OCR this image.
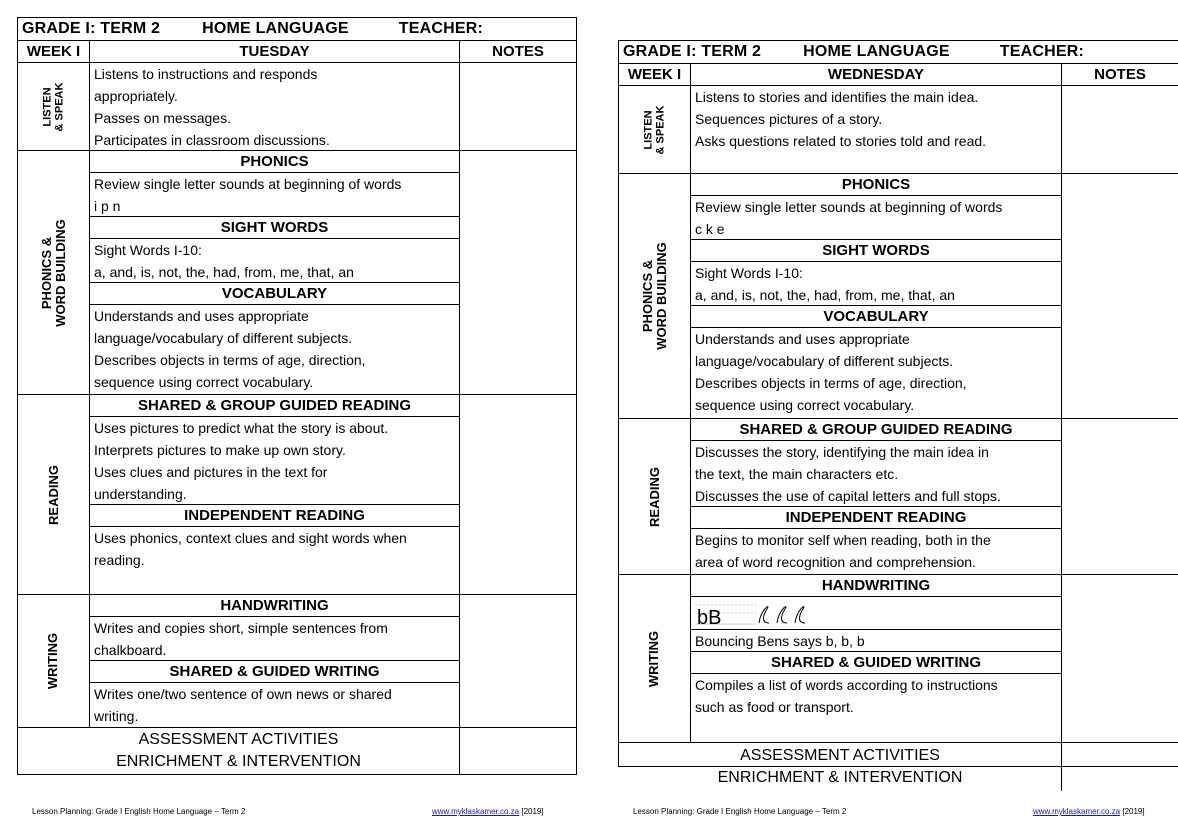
GRADE I: TERM 2	HOME LANGUAGE	TEACHER:
WEEK I	TUESDAY	NOTES
LISTEN & SPEAK
Listens to instructions and responds
appropriately.
Passes on messages.
Participates in classroom discussions.
PHONICS & WORD BUILDING
PHONICS
Review single letter sounds at beginning of words
i p n
SIGHT WORDS
Sight Words I-10:
a, and, is, not, the, had, from, me, that, an
VOCABULARY
Understands and uses appropriate
language/vocabulary of different subjects.
Describes objects in terms of age, direction,
sequence using correct vocabulary.
READING
SHARED & GROUP GUIDED READING
Uses pictures to predict what the story is about.
Interprets pictures to make up own story.
Uses clues and pictures in the text for
understanding.
INDEPENDENT READING
Uses phonics, context clues and sight words when
reading.
WRITING
HANDWRITING
Writes and copies short, simple sentences from
chalkboard.
SHARED & GUIDED WRITING
Writes one/two sentence of own news or shared
writing.
ASSESSMENT ACTIVITIES
ENRICHMENT & INTERVENTION
GRADE I: TERM 2	HOME LANGUAGE	TEACHER:
WEEK I	WEDNESDAY	NOTES
LISTEN & SPEAK
Listens to stories and identifies the main idea.
Sequences pictures of a story.
Asks questions related to stories told and read.
PHONICS & WORD BUILDING
PHONICS
Review single letter sounds at beginning of words
c k e
SIGHT WORDS
Sight Words I-10:
a, and, is, not, the, had, from, me, that, an
VOCABULARY
Understands and uses appropriate
language/vocabulary of different subjects.
Describes objects in terms of age, direction,
sequence using correct vocabulary.
READING
SHARED & GROUP GUIDED READING
Discusses the story, identifying the main idea in
the text, the main characters etc.
Discusses the use of capital letters and full stops.
INDEPENDENT READING
Begins to monitor self when reading, both in the
area of word recognition and comprehension.
WRITING
HANDWRITING
bB
Bouncing Bens says b, b, b
SHARED & GUIDED WRITING
Compiles a list of words according to instructions
such as food or transport.
ASSESSMENT ACTIVITIES
ENRICHMENT & INTERVENTION
Lesson Planning: Grade I English Home Language – Term 2	www.myklaskamer.co.za [2019]	Lesson Planning: Grade I English Home Language – Term 2	www.myklaskamer.co.za [2019]
